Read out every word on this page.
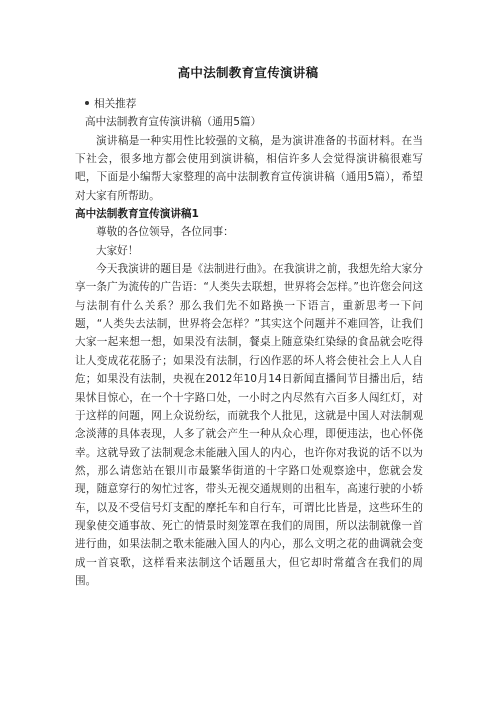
高中法制教育宣传演讲稿

相关推荐

高中法制教育宣传演讲稿（通用5篇）

演讲稿是一种实用性比较强的文稿，是为演讲准备的书面材料。在当下社会，很多地方都会使用到演讲稿，相信许多人会觉得演讲稿很难写吧，下面是小编帮大家整理的高中法制教育宣传演讲稿（通用5篇），希望对大家有所帮助。

高中法制教育宣传演讲稿1

尊敬的各位领导，各位同事：

大家好！

今天我演讲的题目是《法制进行曲》。在我演讲之前，我想先给大家分享一条广为流传的广告语：“人类失去联想，世界将会怎样。”也许您会问这与法制有什么关系？那么我们先不如路换一下语言，重新思考一下问题，“人类失去法制，世界将会怎样？”其实这个问题并不难回答，让我们大家一起来想一想，如果没有法制，餐桌上随意染红染绿的食品就会吃得让人变成花花肠子；如果没有法制，行凶作恶的坏人将会使社会上人人自危；如果没有法制，央视在2012年10月14日新闻直播间节目播出后，结果怵目惊心，在一个十字路口处，一小时之内尽然有六百多人闯红灯，对于这样的问题，网上众说纷纭，而就我个人批见，这就是中国人对法制观念淡薄的具体表现，人多了就会产生一种从众心理，即便违法，也心怀侥幸。这就导致了法制观念未能融入国人的内心，也许你对我说的话不以为然，那么请您站在银川市最繁华街道的十字路口处观察途中，您就会发现，随意穿行的匆忙过客，带头无视交通规则的出租车，高速行驶的小轿车，以及不受信号灯支配的摩托车和自行车，可谓比比皆是，这些环生的现象使交通事故、死亡的情景时刻笼罩在我们的周围，所以法制就像一首进行曲，如果法制之歌未能融入国人的内心，那么文明之花的曲调就会变成一首哀歌，这样看来法制这个话题虽大，但它却时常蕴含在我们的周围。
